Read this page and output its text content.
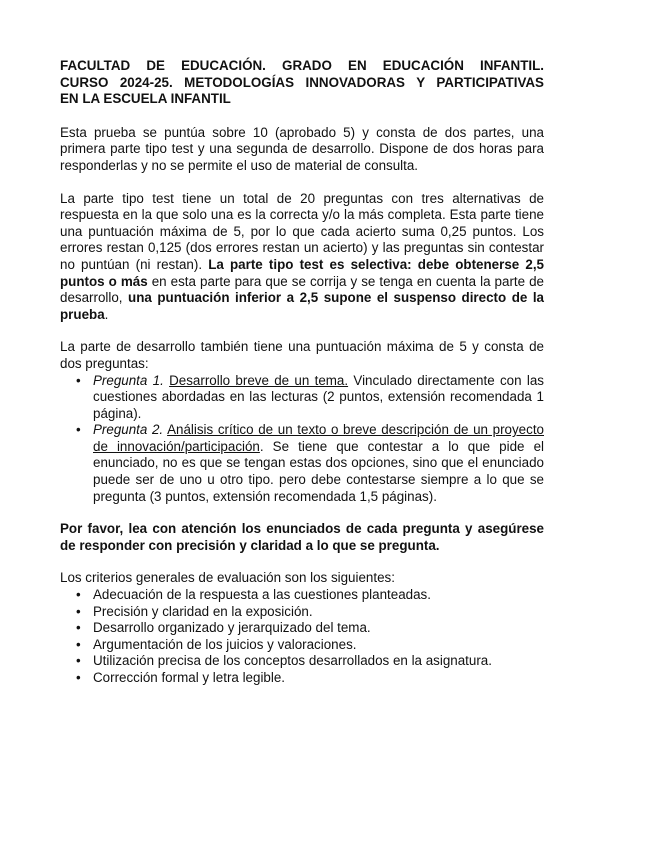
FACULTAD DE EDUCACIÓN. GRADO EN EDUCACIÓN INFANTIL.
CURSO 2024-25. METODOLOGÍAS INNOVADORAS Y PARTICIPATIVAS
EN LA ESCUELA INFANTIL

Esta prueba se puntúa sobre 10 (aprobado 5) y consta de dos partes, una primera parte tipo test y una segunda de desarrollo. Dispone de dos horas para responderlas y no se permite el uso de material de consulta.

La parte tipo test tiene un total de 20 preguntas con tres alternativas de respuesta en la que solo una es la correcta y/o la más completa. Esta parte tiene una puntuación máxima de 5, por lo que cada acierto suma 0,25 puntos. Los errores restan 0,125 (dos errores restan un acierto) y las preguntas sin contestar no puntúan (ni restan). La parte tipo test es selectiva: debe obtenerse 2,5 puntos o más en esta parte para que se corrija y se tenga en cuenta la parte de desarrollo, una puntuación inferior a 2,5 supone el suspenso directo de la prueba.

La parte de desarrollo también tiene una puntuación máxima de 5 y consta de dos preguntas:

• Pregunta 1. Desarrollo breve de un tema. Vinculado directamente con las cuestiones abordadas en las lecturas (2 puntos, extensión recomendada 1 página).
• Pregunta 2. Análisis crítico de un texto o breve descripción de un proyecto de innovación/participación. Se tiene que contestar a lo que pide el enunciado, no es que se tengan estas dos opciones, sino que el enunciado puede ser de uno u otro tipo. pero debe contestarse siempre a lo que se pregunta (3 puntos, extensión recomendada 1,5 páginas).

Por favor, lea con atención los enunciados de cada pregunta y asegúrese de responder con precisión y claridad a lo que se pregunta.

Los criterios generales de evaluación son los siguientes:

• Adecuación de la respuesta a las cuestiones planteadas.
• Precisión y claridad en la exposición.
• Desarrollo organizado y jerarquizado del tema.
• Argumentación de los juicios y valoraciones.
• Utilización precisa de los conceptos desarrollados en la asignatura.
• Corrección formal y letra legible.
